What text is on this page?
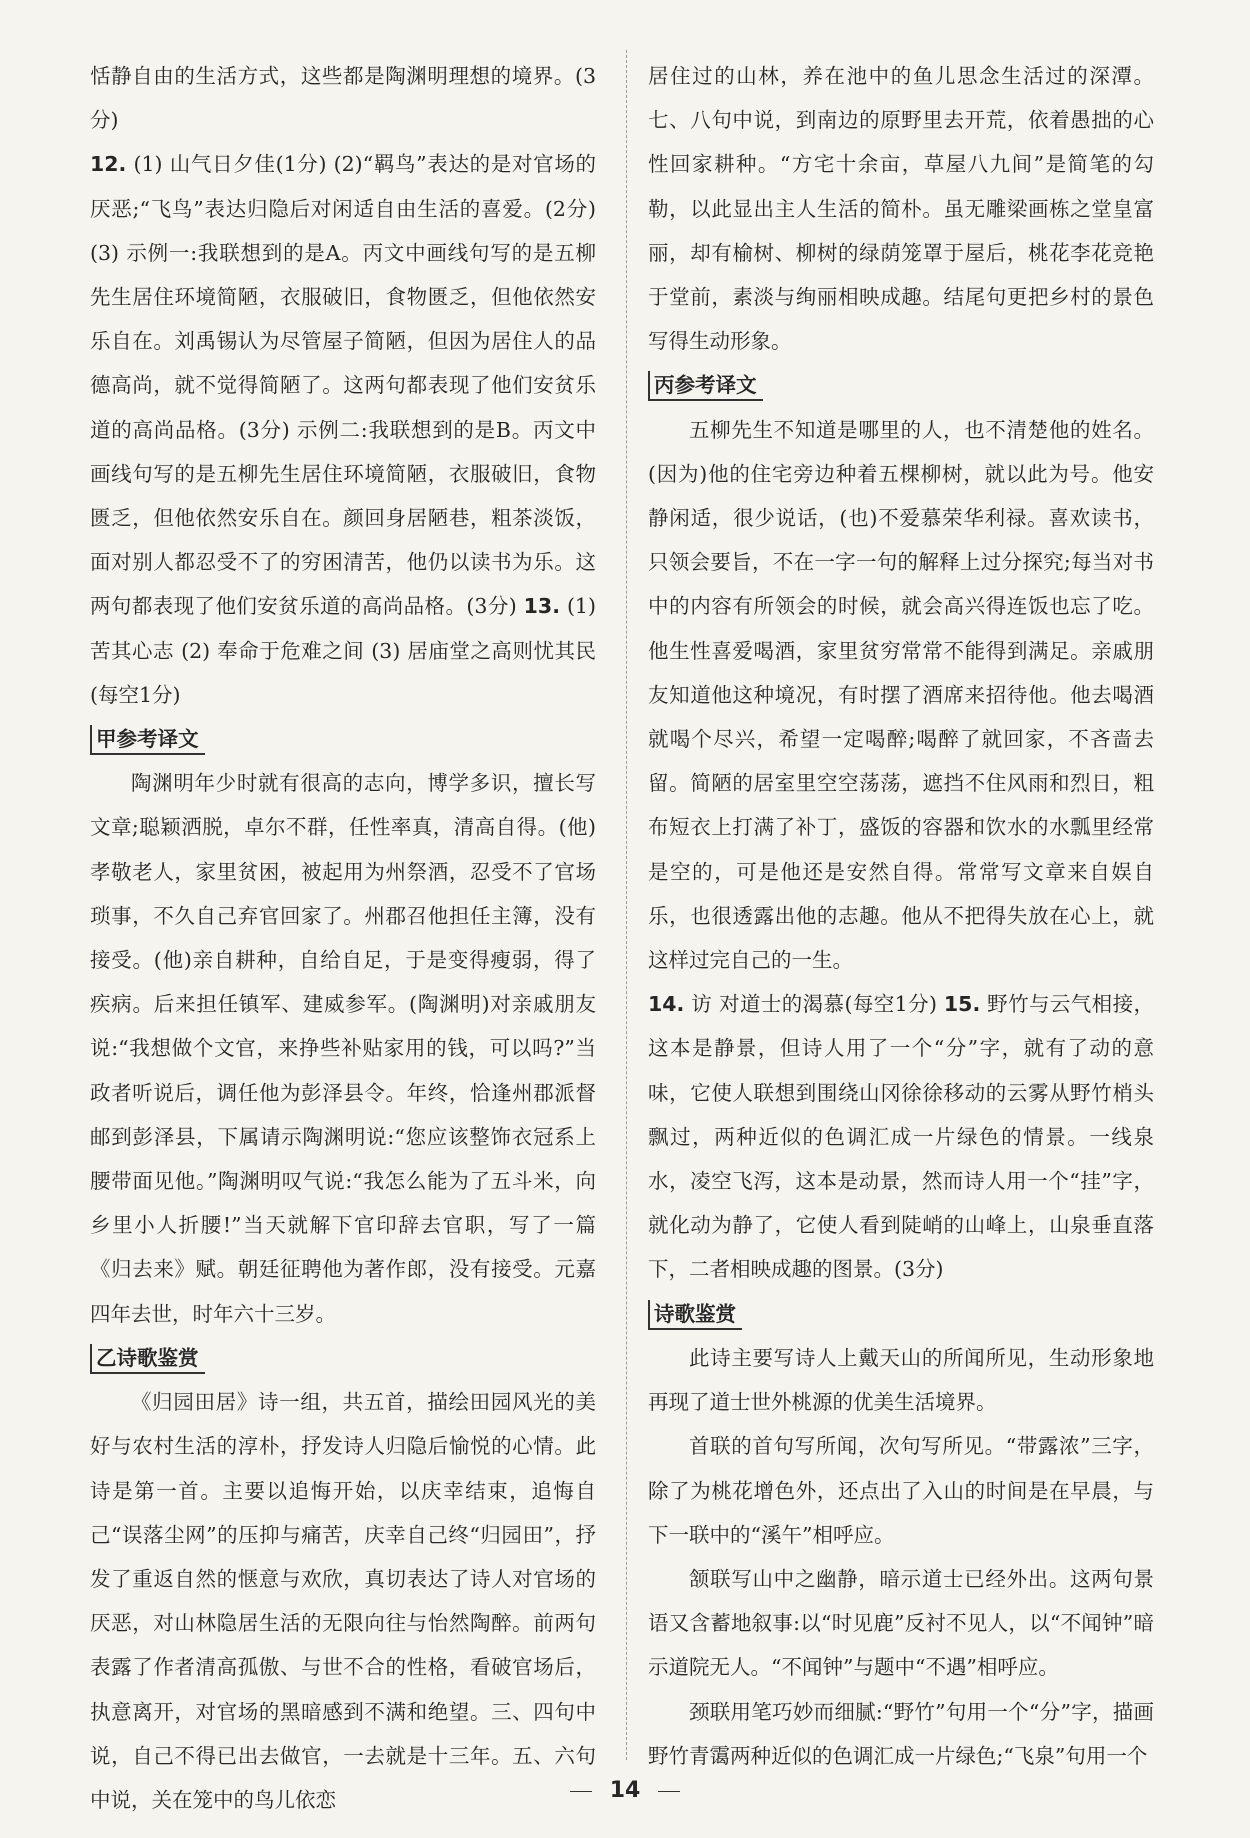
恬静自由的生活方式，这些都是陶渊明理想的境界。(3分)

12. (1) 山气日夕佳(1分) (2)“羁鸟”表达的是对官场的厌恶;“飞鸟”表达归隐后对闲适自由生活的喜爱。(2分) (3) 示例一:我联想到的是A。丙文中画线句写的是五柳先生居住环境简陋，衣服破旧，食物匮乏，但他依然安乐自在。刘禹锡认为尽管屋子简陋，但因为居住人的品德高尚，就不觉得简陋了。这两句都表现了他们安贫乐道的高尚品格。(3分) 示例二:我联想到的是B。丙文中画线句写的是五柳先生居住环境简陋，衣服破旧，食物匮乏，但他依然安乐自在。颜回身居陋巷，粗茶淡饭，面对别人都忍受不了的穷困清苦，他仍以读书为乐。这两句都表现了他们安贫乐道的高尚品格。(3分) 13. (1) 苦其心志 (2) 奉命于危难之间 (3) 居庙堂之高则忧其民(每空1分)

甲参考译文

陶渊明年少时就有很高的志向，博学多识，擅长写文章;聪颖洒脱，卓尔不群，任性率真，清高自得。(他)孝敬老人，家里贫困，被起用为州祭酒，忍受不了官场琐事，不久自己弃官回家了。州郡召他担任主簿，没有接受。(他)亲自耕种，自给自足，于是变得瘦弱，得了疾病。后来担任镇军、建威参军。(陶渊明)对亲戚朋友说:“我想做个文官，来挣些补贴家用的钱，可以吗?”当政者听说后，调任他为彭泽县令。年终，恰逢州郡派督邮到彭泽县，下属请示陶渊明说:“您应该整饰衣冠系上腰带面见他。”陶渊明叹气说:“我怎么能为了五斗米，向乡里小人折腰!”当天就解下官印辞去官职，写了一篇《归去来》赋。朝廷征聘他为著作郎，没有接受。元嘉四年去世，时年六十三岁。

乙诗歌鉴赏

《归园田居》诗一组，共五首，描绘田园风光的美好与农村生活的淳朴，抒发诗人归隐后愉悦的心情。此诗是第一首。主要以追悔开始，以庆幸结束，追悔自己“误落尘网”的压抑与痛苦，庆幸自己终“归园田”，抒发了重返自然的惬意与欢欣，真切表达了诗人对官场的厌恶，对山林隐居生活的无限向往与怡然陶醉。前两句表露了作者清高孤傲、与世不合的性格，看破官场后，执意离开，对官场的黑暗感到不满和绝望。三、四句中说，自己不得已出去做官，一去就是十三年。五、六句中说，关在笼中的鸟儿依恋

居住过的山林，养在池中的鱼儿思念生活过的深潭。七、八句中说，到南边的原野里去开荒，依着愚拙的心性回家耕种。“方宅十余亩，草屋八九间”是简笔的勾勒，以此显出主人生活的简朴。虽无雕梁画栋之堂皇富丽，却有榆树、柳树的绿荫笼罩于屋后，桃花李花竞艳于堂前，素淡与绚丽相映成趣。结尾句更把乡村的景色写得生动形象。

丙参考译文

五柳先生不知道是哪里的人，也不清楚他的姓名。(因为)他的住宅旁边种着五棵柳树，就以此为号。他安静闲适，很少说话，(也)不爱慕荣华利禄。喜欢读书，只领会要旨，不在一字一句的解释上过分探究;每当对书中的内容有所领会的时候，就会高兴得连饭也忘了吃。他生性喜爱喝酒，家里贫穷常常不能得到满足。亲戚朋友知道他这种境况，有时摆了酒席来招待他。他去喝酒就喝个尽兴，希望一定喝醉;喝醉了就回家，不吝啬去留。简陋的居室里空空荡荡，遮挡不住风雨和烈日，粗布短衣上打满了补丁，盛饭的容器和饮水的水瓢里经常是空的，可是他还是安然自得。常常写文章来自娱自乐，也很透露出他的志趣。他从不把得失放在心上，就这样过完自己的一生。

14. 访 对道士的渴慕(每空1分) 15. 野竹与云气相接，这本是静景，但诗人用了一个“分”字，就有了动的意味，它使人联想到围绕山冈徐徐移动的云雾从野竹梢头飘过，两种近似的色调汇成一片绿色的情景。一线泉水，凌空飞泻，这本是动景，然而诗人用一个“挂”字，就化动为静了，它使人看到陡峭的山峰上，山泉垂直落下，二者相映成趣的图景。(3分)

诗歌鉴赏

此诗主要写诗人上戴天山的所闻所见，生动形象地再现了道士世外桃源的优美生活境界。

首联的首句写所闻，次句写所见。“带露浓”三字，除了为桃花增色外，还点出了入山的时间是在早晨，与下一联中的“溪午”相呼应。

颔联写山中之幽静，暗示道士已经外出。这两句景语又含蓄地叙事:以“时见鹿”反衬不见人，以“不闻钟”暗示道院无人。“不闻钟”与题中“不遇”相呼应。

颈联用笔巧妙而细腻:“野竹”句用一个“分”字，描画野竹青霭两种近似的色调汇成一片绿色;“飞泉”句用一个

14
